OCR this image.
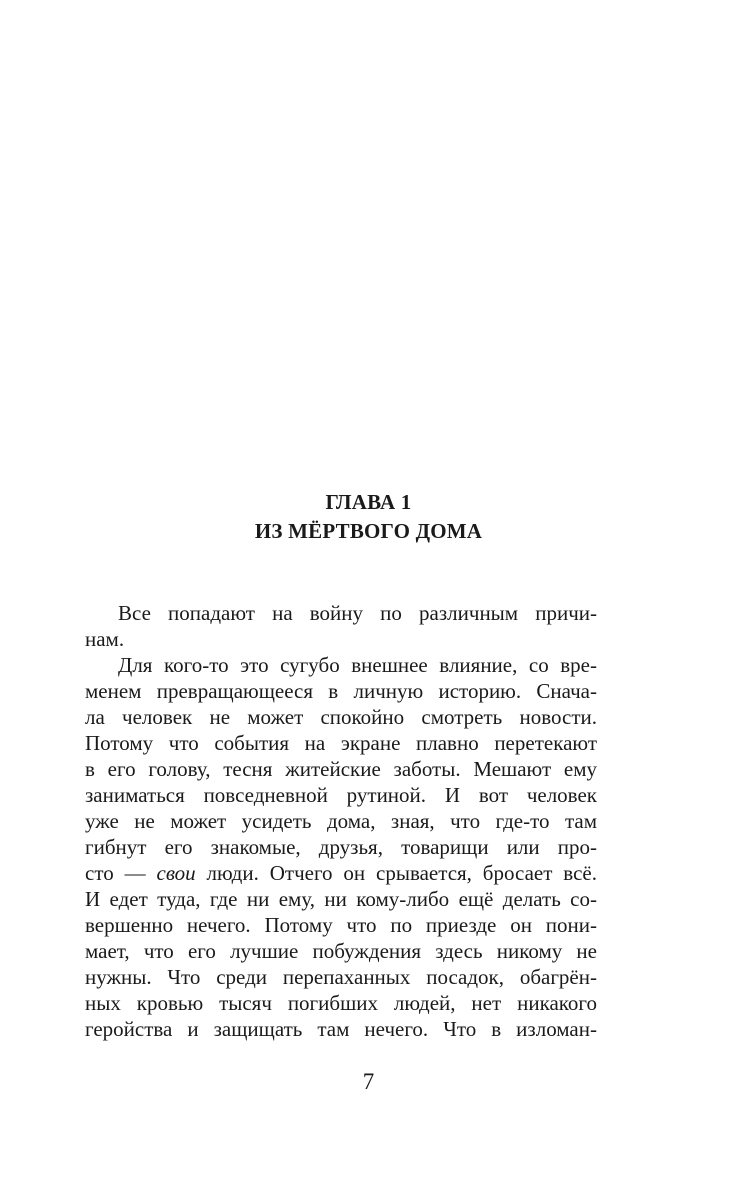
ГЛАВА 1
ИЗ МЁРТВОГО ДОМА
Все попадают на войну по различным причи-
нам.
Для кого-то это сугубо внешнее влияние, со вре-
менем превращающееся в личную историю. Снача-
ла человек не может спокойно смотреть новости.
Потому что события на экране плавно перетекают
в его голову, тесня житейские заботы. Мешают ему
заниматься повседневной рутиной. И вот человек
уже не может усидеть дома, зная, что где-то там
гибнут его знакомые, друзья, товарищи или про-
сто — свои люди. Отчего он срывается, бросает всё.
И едет туда, где ни ему, ни кому-либо ещё делать со-
вершенно нечего. Потому что по приезде он пони-
мает, что его лучшие побуждения здесь никому не
нужны. Что среди перепаханных посадок, обагрён-
ных кровью тысяч погибших людей, нет никакого
геройства и защищать там нечего. Что в изломан-
7
